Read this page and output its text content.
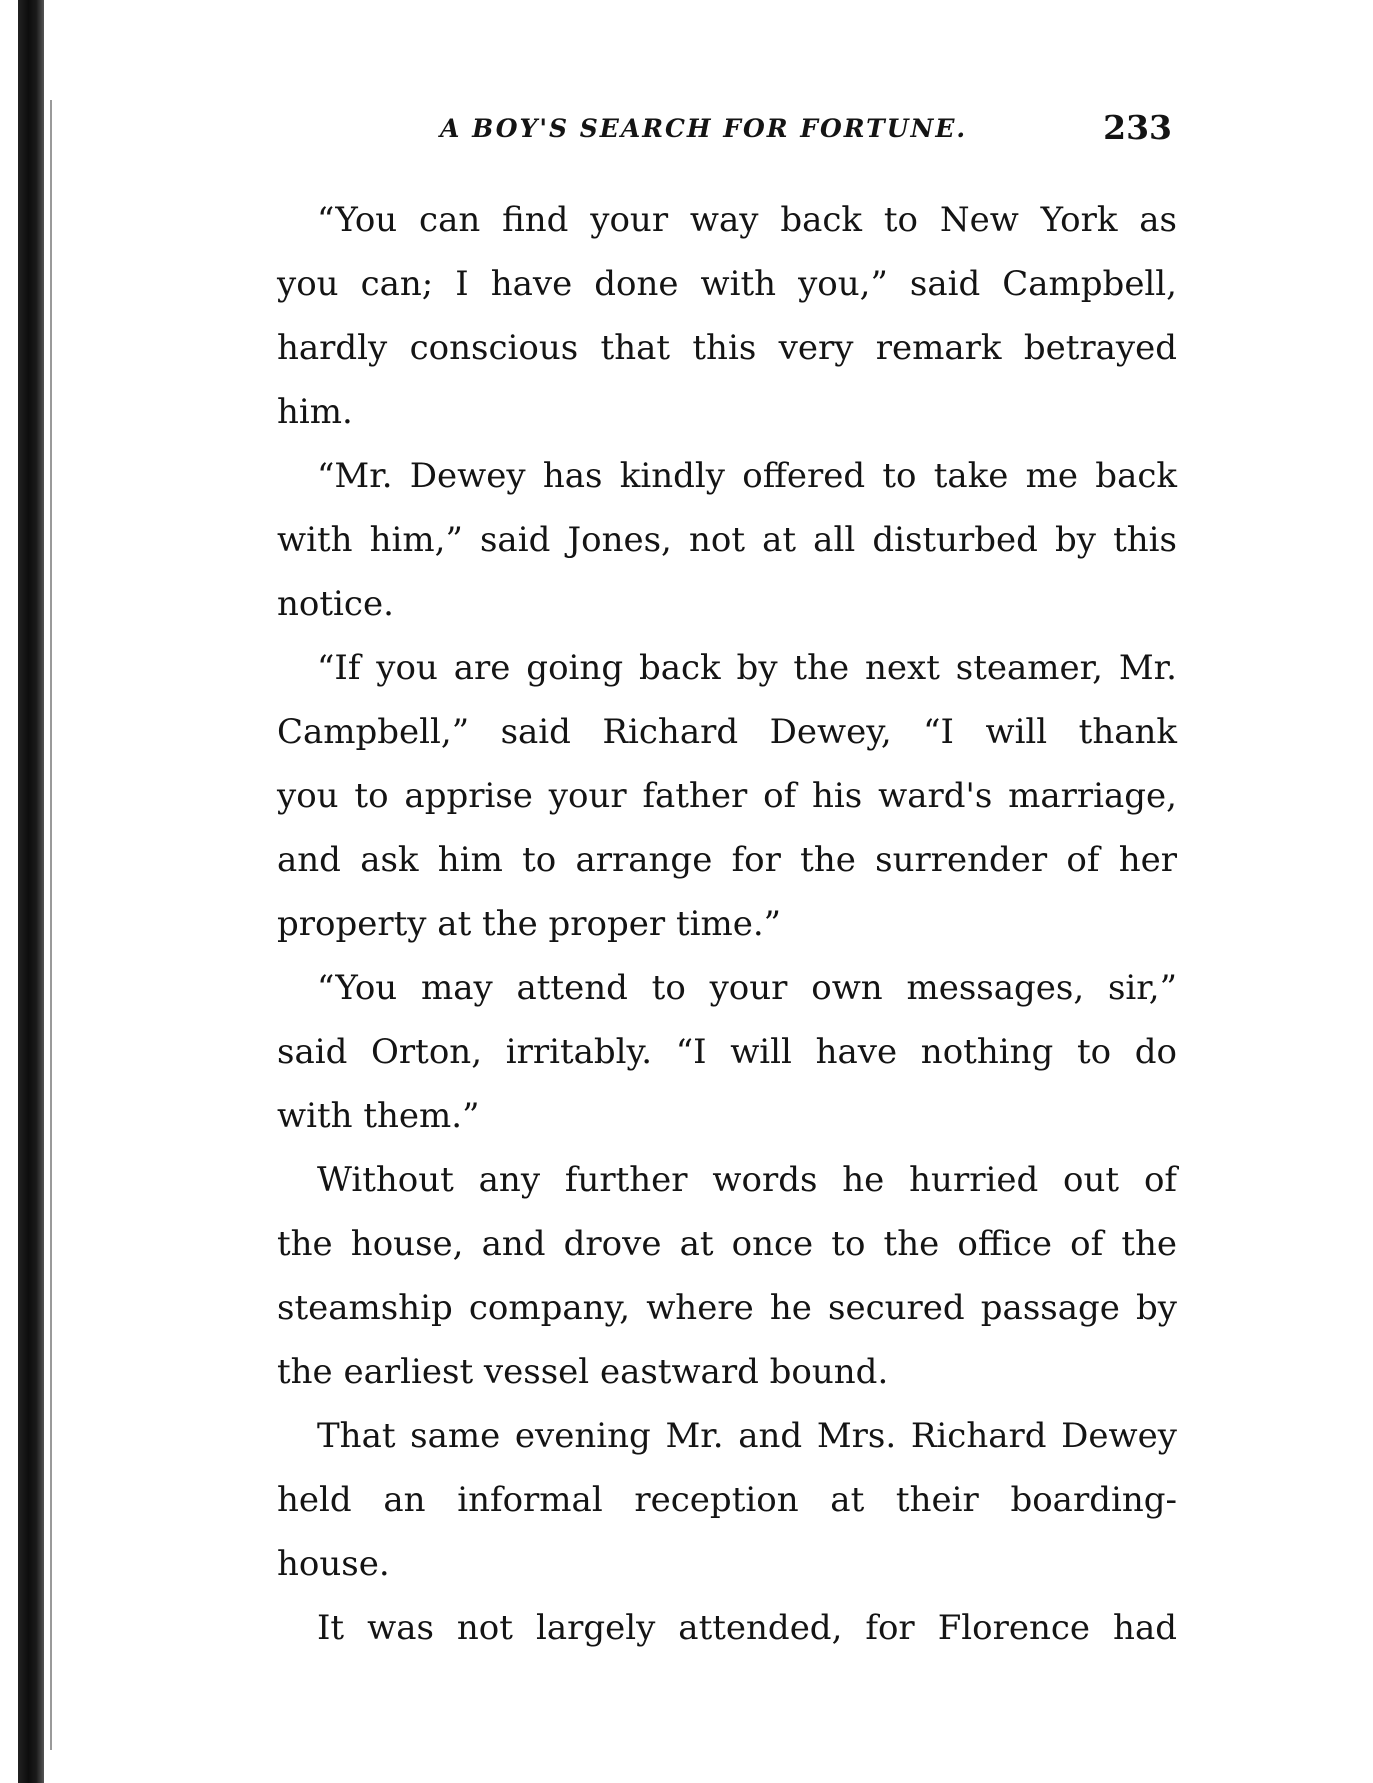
A BOY'S SEARCH FOR FORTUNE.	233
“You can find your way back to New York as
you can; I have done with you,” said Campbell,
hardly conscious that this very remark betrayed
him.
“Mr. Dewey has kindly offered to take me back
with him,” said Jones, not at all disturbed by this
notice.
“If you are going back by the next steamer, Mr.
Campbell,” said Richard Dewey, “I will thank
you to apprise your father of his ward's marriage,
and ask him to arrange for the surrender of her
property at the proper time.”
“You may attend to your own messages, sir,”
said Orton, irritably. “I will have nothing to do
with them.”
Without any further words he hurried out of
the house, and drove at once to the office of the
steamship company, where he secured passage by
the earliest vessel eastward bound.
That same evening Mr. and Mrs. Richard Dewey
held an informal reception at their boarding-
house.
It was not largely attended, for Florence had
